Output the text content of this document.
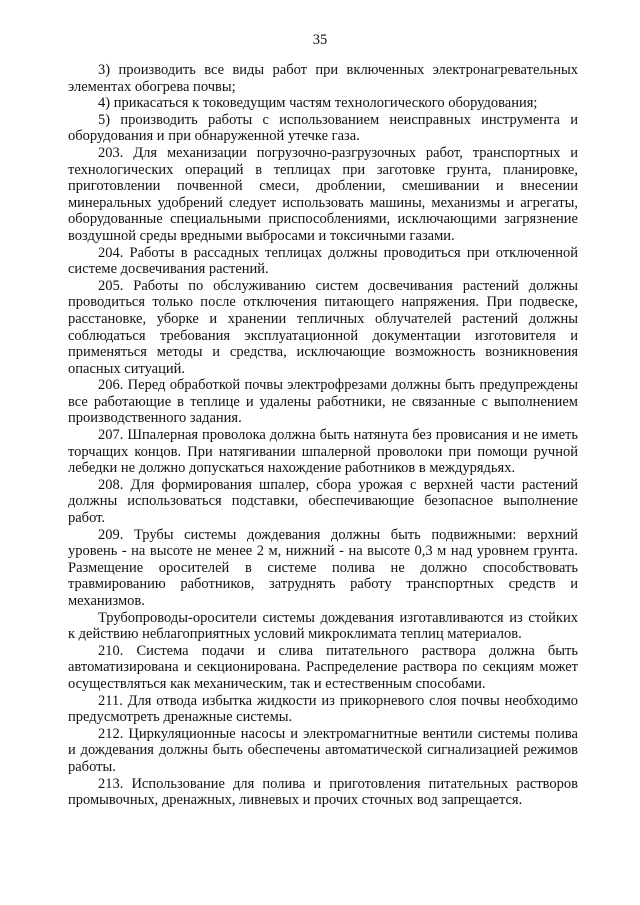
35

3) производить все виды работ при включенных электронагревательных элементах обогрева почвы;

4) прикасаться к токоведущим частям технологического оборудования;

5) производить работы с использованием неисправных инструмента и оборудования и при обнаруженной утечке газа.

203. Для механизации погрузочно-разгрузочных работ, транспортных и технологических операций в теплицах при заготовке грунта, планировке, приготовлении почвенной смеси, дроблении, смешивании и внесении минеральных удобрений следует использовать машины, механизмы и агрегаты, оборудованные специальными приспособлениями, исключающими загрязнение воздушной среды вредными выбросами и токсичными газами.

204. Работы в рассадных теплицах должны проводиться при отключенной системе досвечивания растений.

205. Работы по обслуживанию систем досвечивания растений должны проводиться только после отключения питающего напряжения. При подвеске, расстановке, уборке и хранении тепличных облучателей растений должны соблюдаться требования эксплуатационной документации изготовителя и применяться методы и средства, исключающие возможность возникновения опасных ситуаций.

206. Перед обработкой почвы электрофрезами должны быть предупреждены все работающие в теплице и удалены работники, не связанные с выполнением производственного задания.

207. Шпалерная проволока должна быть натянута без провисания и не иметь торчащих концов. При натягивании шпалерной проволоки при помощи ручной лебедки не должно допускаться нахождение работников в междурядьях.

208. Для формирования шпалер, сбора урожая с верхней части растений должны использоваться подставки, обеспечивающие безопасное выполнение работ.

209. Трубы системы дождевания должны быть подвижными: верхний уровень - на высоте не менее 2 м, нижний - на высоте 0,3 м над уровнем грунта. Размещение оросителей в системе полива не должно способствовать травмированию работников, затруднять работу транспортных средств и механизмов.

Трубопроводы-оросители системы дождевания изготавливаются из стойких к действию неблагоприятных условий микроклимата теплиц материалов.

210. Система подачи и слива питательного раствора должна быть автоматизирована и секционирована. Распределение раствора по секциям может осуществляться как механическим, так и естественным способами.

211. Для отвода избытка жидкости из прикорневого слоя почвы необходимо предусмотреть дренажные системы.

212. Циркуляционные насосы и электромагнитные вентили системы полива и дождевания должны быть обеспечены автоматической сигнализацией режимов работы.

213. Использование для полива и приготовления питательных растворов промывочных, дренажных, ливневых и прочих сточных вод запрещается.
